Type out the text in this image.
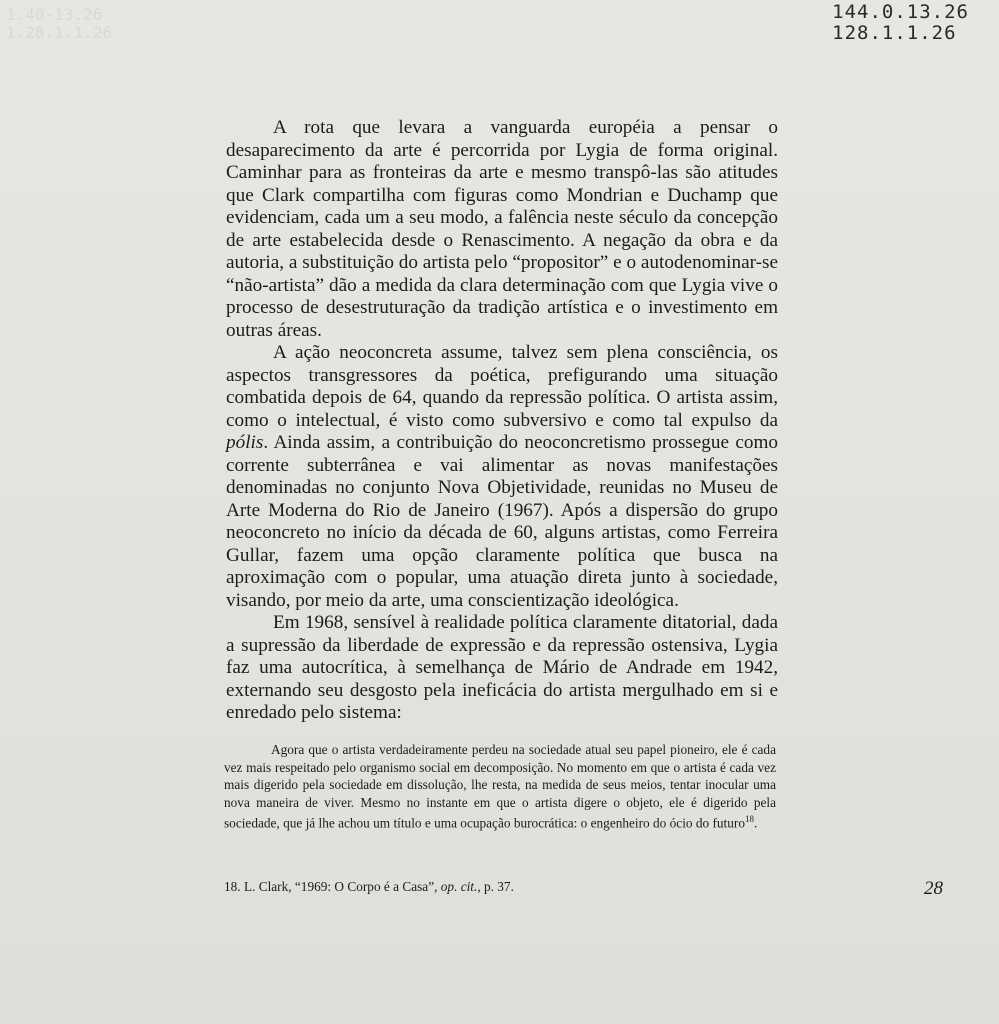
1.40-13.26
1.28.1.1.26
144.0.13.26
128.1.1.26

A rota que levara a vanguarda européia a pensar o desaparecimento da arte é percorrida por Lygia de forma original. Caminhar para as fronteiras da arte e mesmo transpô-las são atitudes que Clark compartilha com figuras como Mondrian e Duchamp que evidenciam, cada um a seu modo, a falência neste século da concepção de arte estabelecida desde o Renascimento. A negação da obra e da autoria, a substituição do artista pelo “propositor” e o autodenominar-se “não-artista” dão a medida da clara determinação com que Lygia vive o processo de desestruturação da tradição artística e o investimento em outras áreas.

A ação neoconcreta assume, talvez sem plena consciência, os aspectos transgressores da poética, prefigurando uma situação combatida depois de 64, quando da repressão política. O artista assim, como o intelectual, é visto como subversivo e como tal expulso da pólis. Ainda assim, a contribuição do neoconcretismo prossegue como corrente subterrânea e vai alimentar as novas manifestações denominadas no conjunto Nova Objetividade, reunidas no Museu de Arte Moderna do Rio de Janeiro (1967). Após a dispersão do grupo neoconcreto no início da década de 60, alguns artistas, como Ferreira Gullar, fazem uma opção claramente política que busca na aproximação com o popular, uma atuação direta junto à sociedade, visando, por meio da arte, uma conscientização ideológica.

Em 1968, sensível à realidade política claramente ditatorial, dada a supressão da liberdade de expressão e da repressão ostensiva, Lygia faz uma autocrítica, à semelhança de Mário de Andrade em 1942, externando seu desgosto pela ineficácia do artista mergulhado em si e enredado pelo sistema:

Agora que o artista verdadeiramente perdeu na sociedade atual seu papel pioneiro, ele é cada vez mais respeitado pelo organismo social em decomposição. No momento em que o artista é cada vez mais digerido pela sociedade em dissolução, lhe resta, na medida de seus meios, tentar inocular uma nova maneira de viver. Mesmo no instante em que o artista digere o objeto, ele é digerido pela sociedade, que já lhe achou um título e uma ocupação burocrática: o engenheiro do ócio do futuro$^{18}$.

18. L. Clark, “1969: O Corpo é a Casa”, op. cit., p. 37.	28
